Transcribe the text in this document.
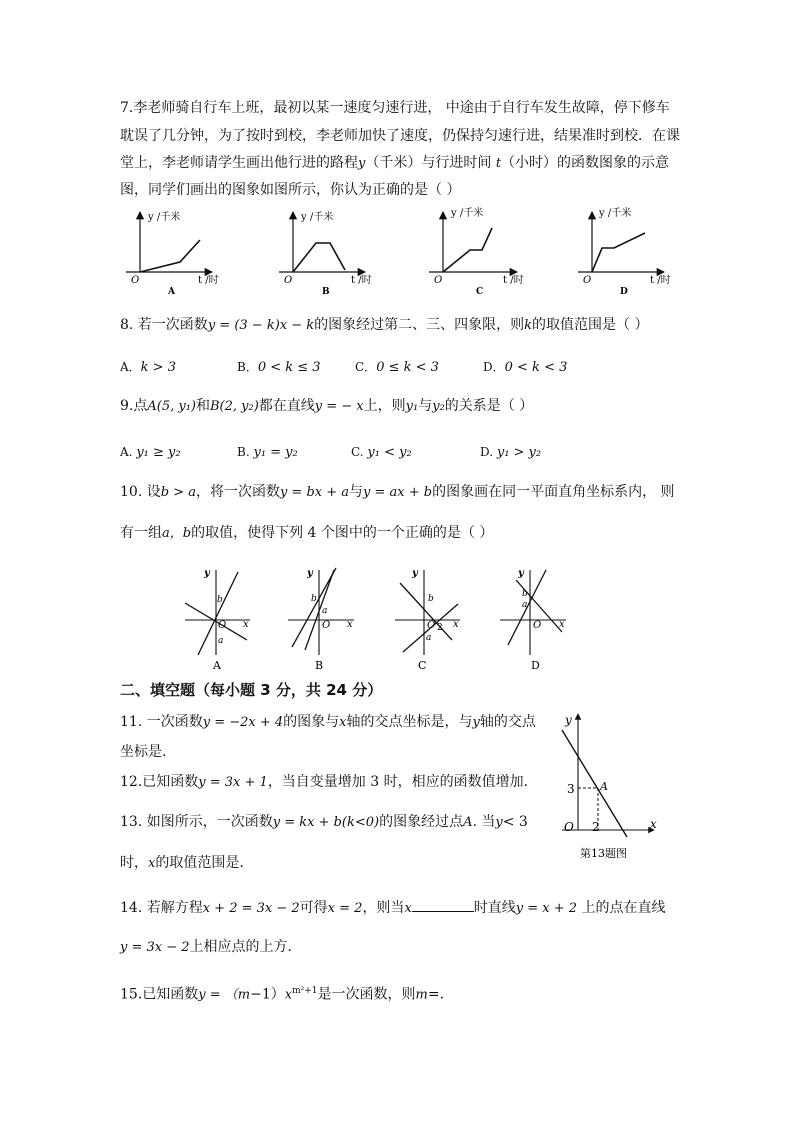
7.李老师骑自行车上班，最初以某一速度匀速行进， 中途由于自行车发生故障，停下修车
耽误了几分钟，为了按时到校，李老师加快了速度，仍保持匀速行进，结果准时到校．在课
堂上，李老师请学生画出他行进的路程y（千米）与行进时间 t（小时）的函数图象的示意
图，同学们画出的图象如图所示，你认为正确的是（ ）
y /千米
t /时
O
A
y /千米
t /时
O
B
y /千米
t /时
O
C
y /千米
t /时
O
D
8. 若一次函数y = (3 − k)x − k的图象经过第二、三、四象限，则k的取值范围是（ ）
A．k > 3	B．0 < k ≤ 3	C．0 ≤ k < 3	D．0 < k < 3
9.点A(5, y₁)和B(2, y₂)都在直线y = − x上，则y₁与y₂的关系是（ ）
A. y₁ ≥ y₂	B. y₁ = y₂	C. y₁ < y₂	D. y₁ > y₂
10. 设b > a，将一次函数y = bx + a与y = ax + b的图象画在同一平面直角坐标系内， 则
有一组a，b的取值，使得下列 4 个图中的一个正确的是（ ）
y
x
O
b
a
A
y
x
O
b
a
B
y
x
O
b
a
2
C
y
x
O
b
a
D
二、填空题（每小题 3 分，共 24 分）
11. 一次函数y = −2x + 4的图象与x轴的交点坐标是，与y轴的交点
坐标是.
12.已知函数y = 3x + 1，当自变量增加 3 时，相应的函数值增加.
13. 如图所示，一次函数y = kx + b(k<0)的图象经过点A. 当y< 3
时，x的取值范围是.
y
x
O
3
2
A
第13题图
14. 若解方程x + 2 = 3x − 2可得x = 2，则当x	时直线y = x + 2 上的点在直线
y = 3x − 2上相应点的上方．
15.已知函数$y = (m-1)x^{m^2+1}$是一次函数，则m=.
